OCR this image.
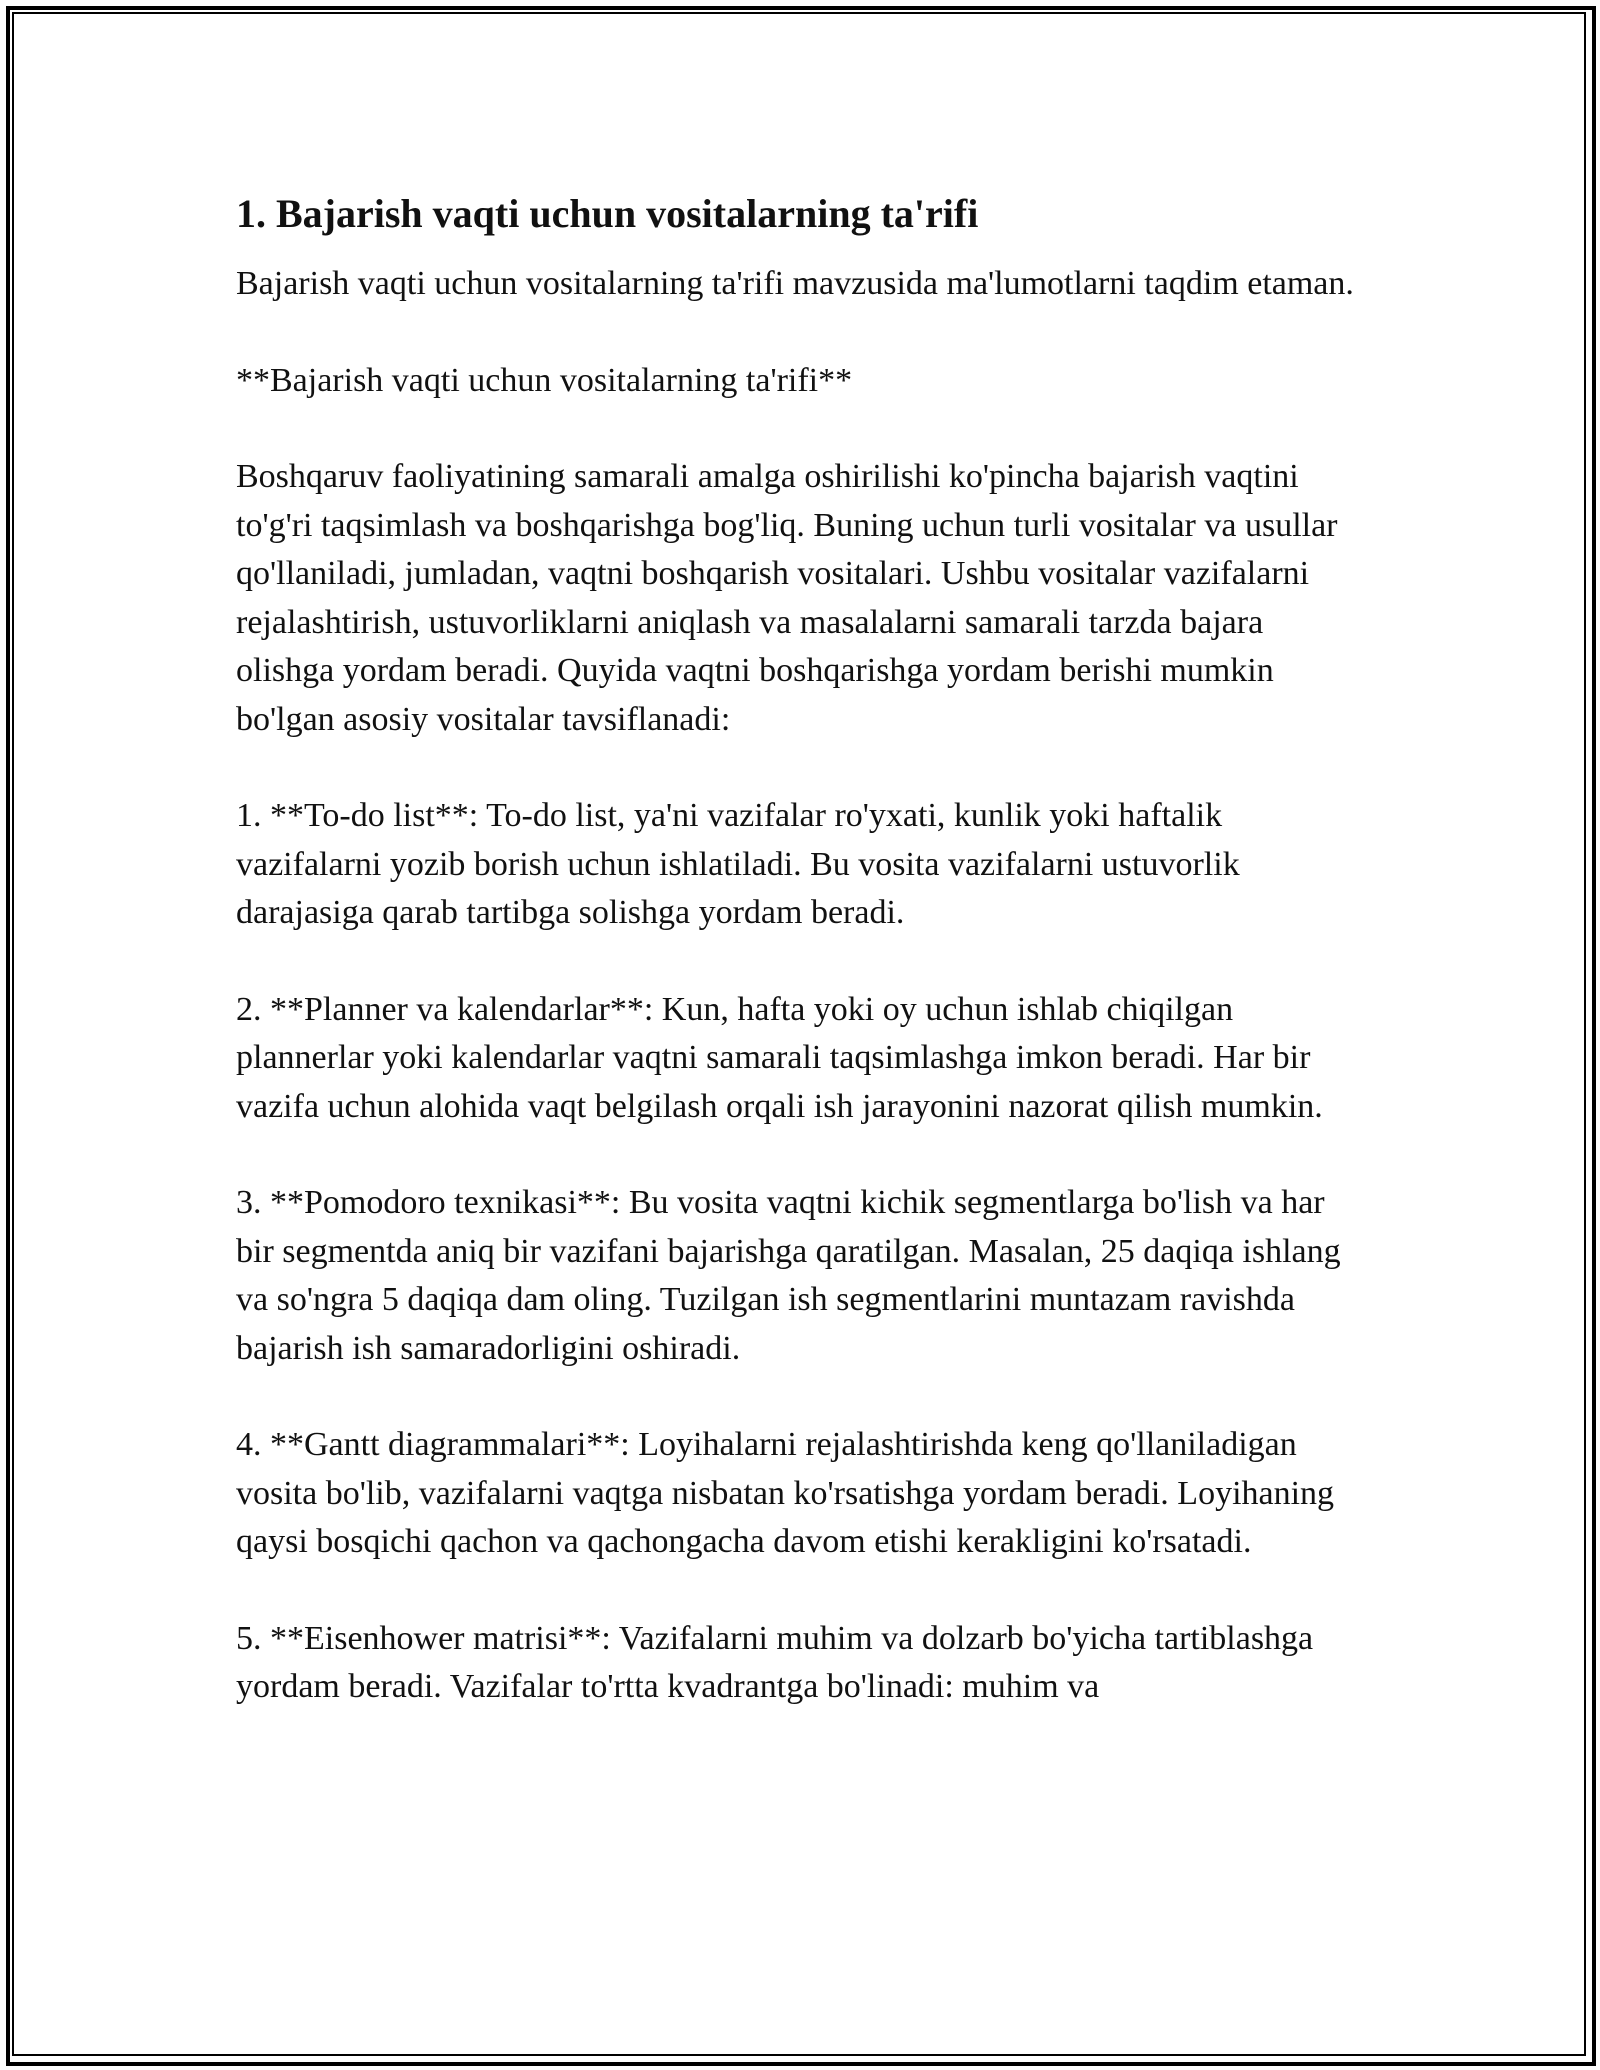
1. Bajarish vaqti uchun vositalarning ta'rifi

Bajarish vaqti uchun vositalarning ta'rifi mavzusida ma'lumotlarni taqdim etaman.

**Bajarish vaqti uchun vositalarning ta'rifi**

Boshqaruv faoliyatining samarali amalga oshirilishi ko'pincha bajarish vaqtini to'g'ri taqsimlash va boshqarishga bog'liq. Buning uchun turli vositalar va usullar qo'llaniladi, jumladan, vaqtni boshqarish vositalari. Ushbu vositalar vazifalarni rejalashtirish, ustuvorliklarni aniqlash va masalalarni samarali tarzda bajara olishga yordam beradi. Quyida vaqtni boshqarishga yordam berishi mumkin bo'lgan asosiy vositalar tavsiflanadi:

1. **To-do list**: To-do list, ya'ni vazifalar ro'yxati, kunlik yoki haftalik vazifalarni yozib borish uchun ishlatiladi. Bu vosita vazifalarni ustuvorlik darajasiga qarab tartibga solishga yordam beradi.

2. **Planner va kalendarlar**: Kun, hafta yoki oy uchun ishlab chiqilgan plannerlar yoki kalendarlar vaqtni samarali taqsimlashga imkon beradi. Har bir vazifa uchun alohida vaqt belgilash orqali ish jarayonini nazorat qilish mumkin.

3. **Pomodoro texnikasi**: Bu vosita vaqtni kichik segmentlarga bo'lish va har bir segmentda aniq bir vazifani bajarishga qaratilgan. Masalan, 25 daqiqa ishlang va so'ngra 5 daqiqa dam oling. Tuzilgan ish segmentlarini muntazam ravishda bajarish ish samaradorligini oshiradi.

4. **Gantt diagrammalari**: Loyihalarni rejalashtirishda keng qo'llaniladigan vosita bo'lib, vazifalarni vaqtga nisbatan ko'rsatishga yordam beradi. Loyihaning qaysi bosqichi qachon va qachongacha davom etishi kerakligini ko'rsatadi.

5. **Eisenhower matrisi**: Vazifalarni muhim va dolzarb bo'yicha tartiblashga yordam beradi. Vazifalar to'rtta kvadrantga bo'linadi: muhim va
